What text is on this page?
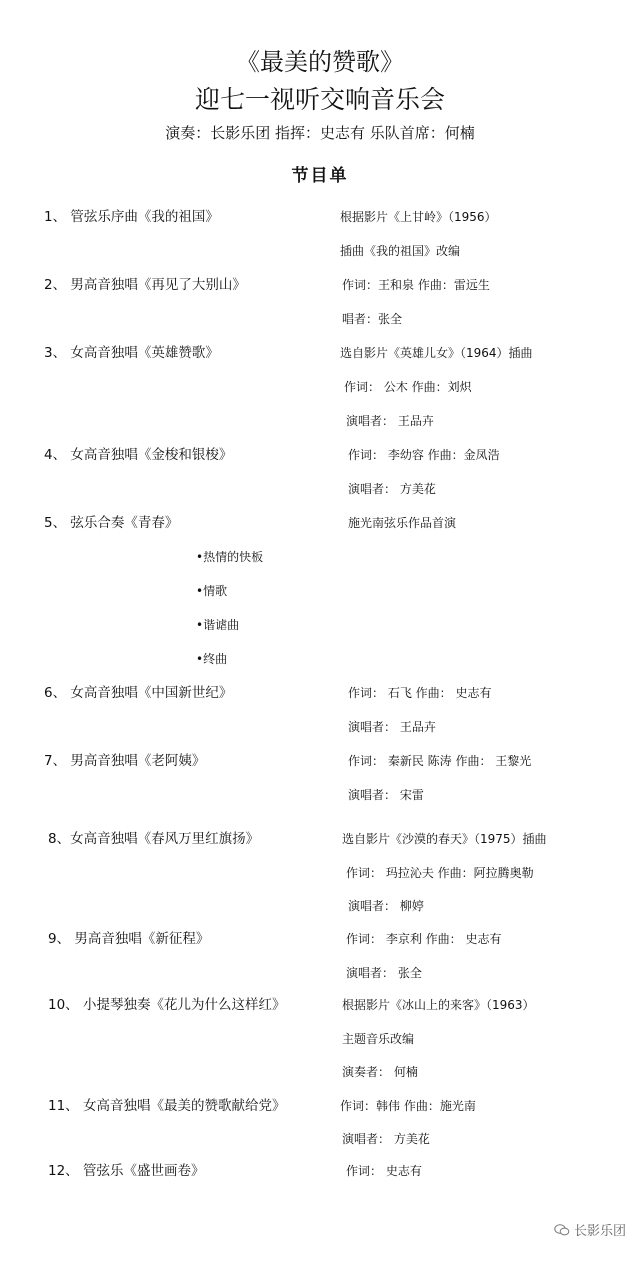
《最美的赞歌》
迎七一视听交响音乐会
演奏：长影乐团 指挥：史志有 乐队首席：何楠
节目单
1、 管弦乐序曲《我的祖国》	根据影片《上甘岭》（1956）
插曲《我的祖国》改编
2、 男高音独唱《再见了大别山》	作词：王和泉 作曲：雷远生
唱者：张全
3、 女高音独唱《英雄赞歌》	选自影片《英雄儿女》（1964）插曲
作词： 公木 作曲：刘炽
演唱者： 王品卉
4、 女高音独唱《金梭和银梭》	作词： 李幼容 作曲：金凤浩
演唱者： 方美花
5、 弦乐合奏《青春》	施光南弦乐作品首演
•热情的快板
•情歌
•谐谑曲
•终曲
6、 女高音独唱《中国新世纪》	作词： 石飞 作曲： 史志有
演唱者： 王品卉
7、 男高音独唱《老阿姨》	作词： 秦新民 陈涛 作曲： 王黎光
演唱者： 宋雷
8、女高音独唱《春风万里红旗扬》	选自影片《沙漠的春天》（1975）插曲
作词： 玛拉沁夫 作曲：阿拉腾奥勒
演唱者： 柳婷
9、 男高音独唱《新征程》	作词： 李京利 作曲： 史志有
演唱者： 张全
10、 小提琴独奏《花儿为什么这样红》	根据影片《冰山上的来客》（1963）
主题音乐改编
演奏者： 何楠
11、 女高音独唱《最美的赞歌献给党》	作词：韩伟 作曲：施光南
演唱者： 方美花
12、 管弦乐《盛世画卷》	作词： 史志有
长影乐团
